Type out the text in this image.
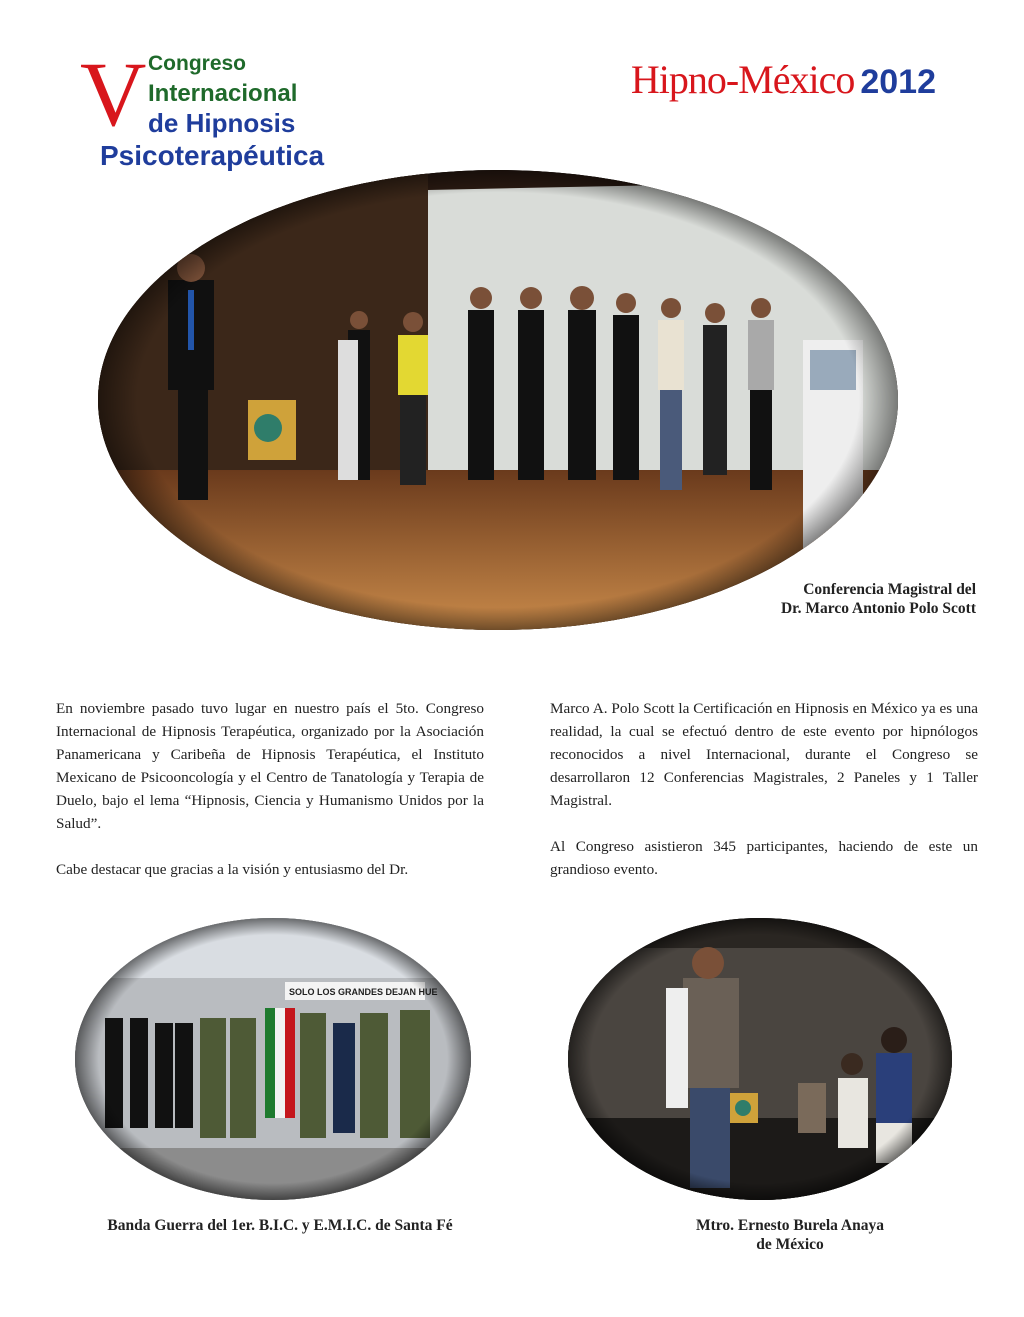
V Congreso
Internacional
de Hipnosis
Psicoterapéutica
Hipno-México 2012
Conferencia Magistral del
Dr. Marco Antonio Polo Scott

En noviembre pasado tuvo lugar en nuestro país el 5to. Congreso Internacional de Hipnosis Terapéutica, organizado por la Asociación Panamericana y Caribeña de Hipnosis Terapéutica, el Instituto Mexicano de Psicooncología y el Centro de Tanatología y Terapia de Duelo, bajo el lema “Hipnosis, Ciencia y Humanismo Unidos por la Salud”.

Cabe destacar que gracias a la visión y entusiasmo del Dr.

Marco A. Polo Scott la Certificación en Hipnosis en México ya es una realidad, la cual se efectuó dentro de este evento por hipnólogos reconocidos a nivel Internacional, durante el Congreso se desarrollaron 12 Conferencias Magistrales, 2 Paneles y 1 Taller Magistral.

Al Congreso asistieron 345 participantes, haciendo de este un grandioso evento.

Banda Guerra del 1er. B.I.C. y E.M.I.C. de Santa Fé	Mtro. Ernesto Burela Anaya
de México
